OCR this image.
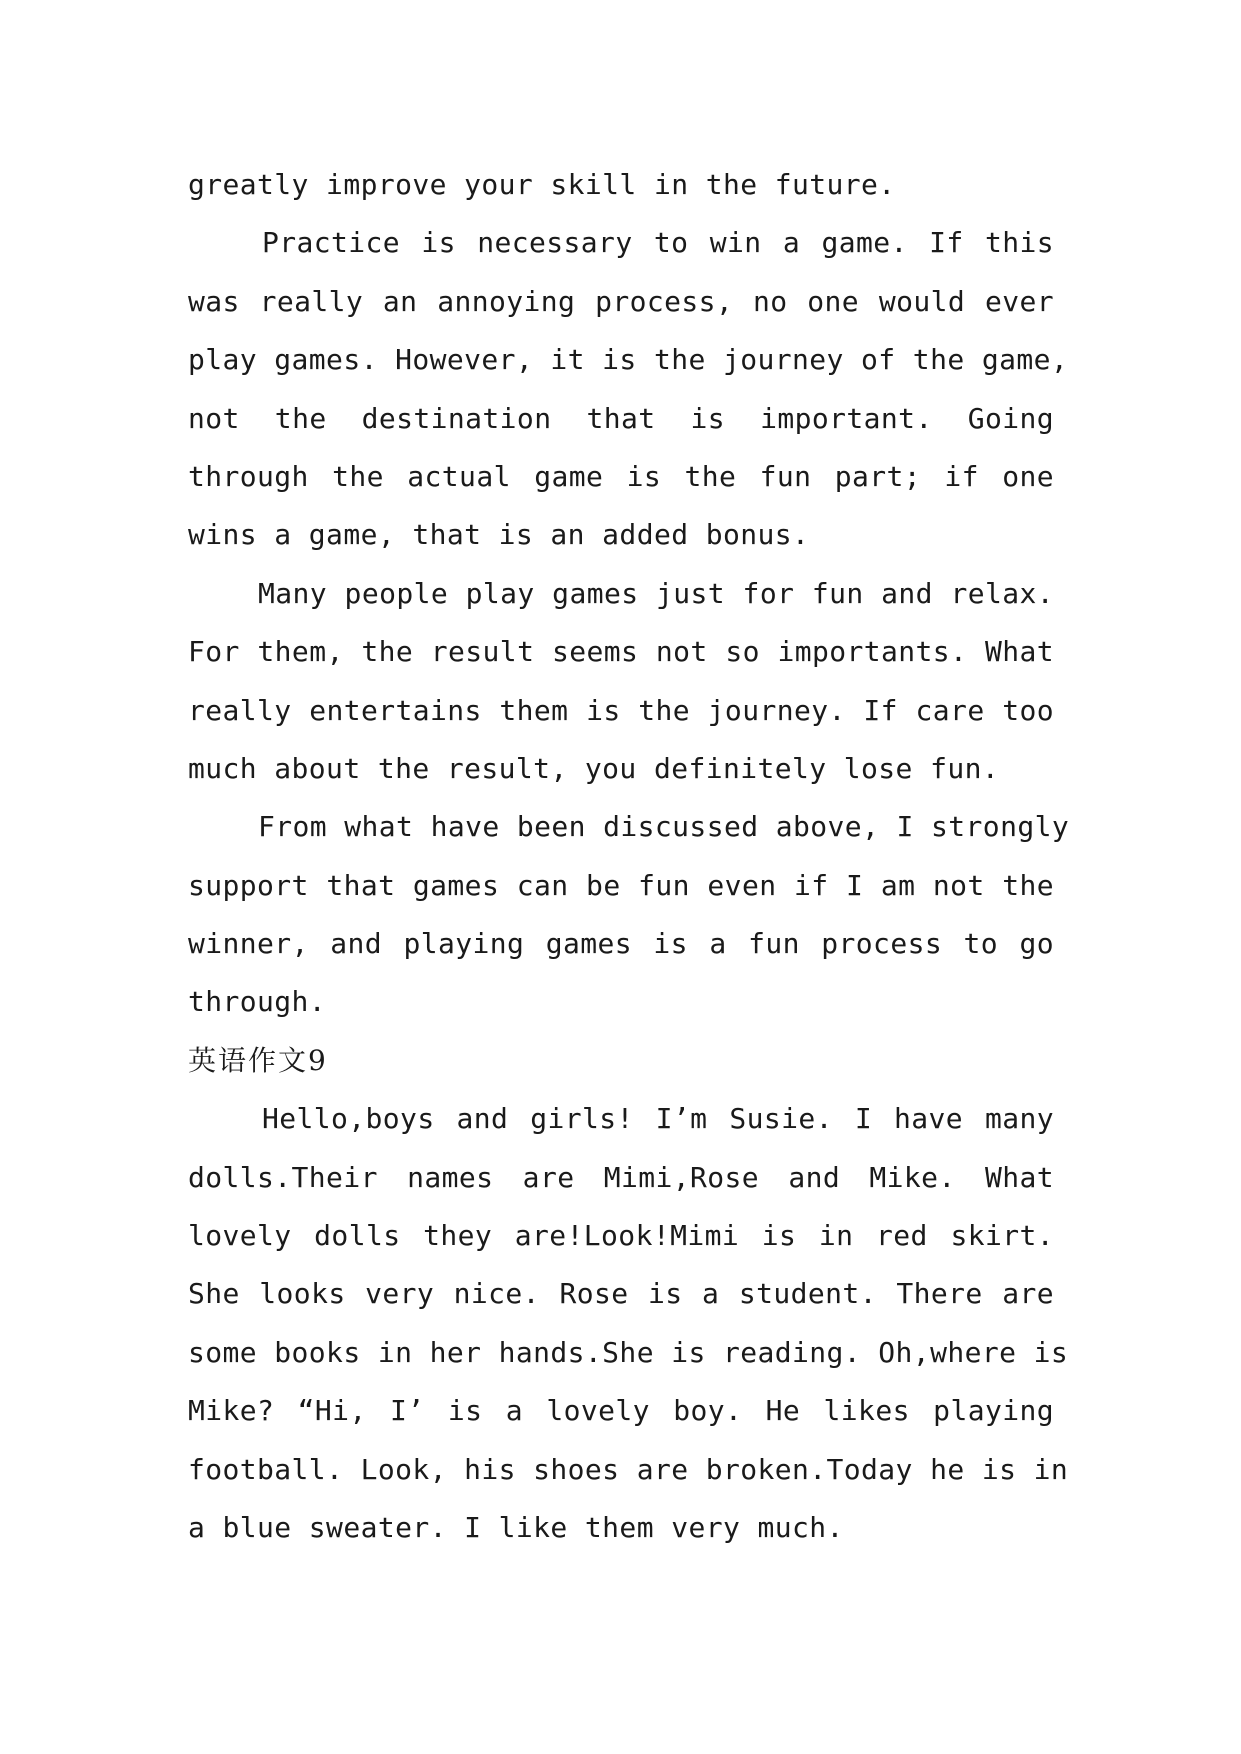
greatly improve your skill in the future.
Practice is necessary to win a game. If this
was really an annoying process, no one would ever
play games. However, it is the journey of the game,
not the destination that is important. Going
through the actual game is the fun part; if one
wins a game, that is an added bonus.
Many people play games just for fun and relax.
For them, the result seems not so importants. What
really entertains them is the journey. If care too
much about the result, you definitely lose fun.
From what have been discussed above, I strongly
support that games can be fun even if I am not the
winner, and playing games is a fun process to go
through.
英语作文9
Hello,boys and girls! I’m Susie. I have many
dolls.Their names are Mimi,Rose and Mike. What
lovely dolls they are!Look!Mimi is in red skirt.
She looks very nice. Rose is a student. There are
some books in her hands.She is reading. Oh,where is
Mike? “Hi, I’ is a lovely boy. He likes playing
football. Look, his shoes are broken.Today he is in
a blue sweater. I like them very much.
